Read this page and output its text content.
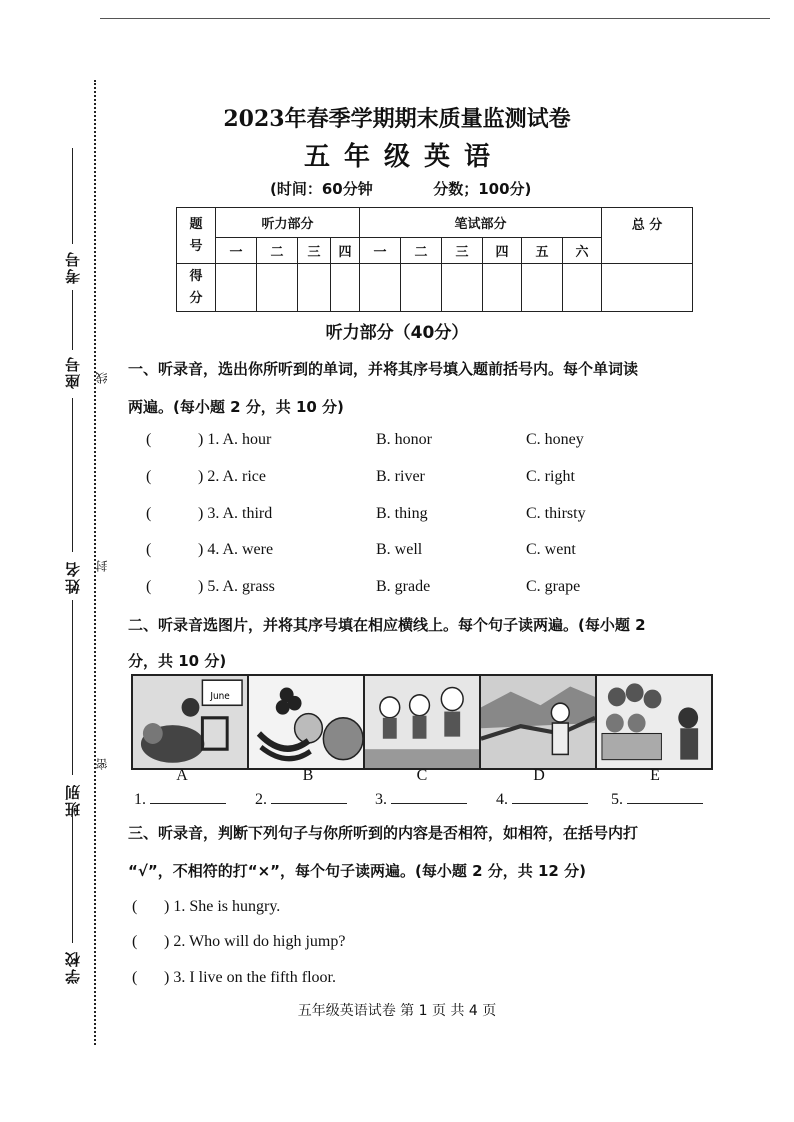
考号
座号
姓名
班别
学校
线
封
密
2023年春季学期期末质量监测试卷
五年级英语
(时间：60分钟	分数；100分)
题
号	听力部分				笔试部分						总 分
	一	二	三	四	一	二	三	四	五	六	
得
分											
听力部分（40分）
一、听录音，选出你所听到的单词，并将其序号填入题前括号内。每个单词读
两遍。(每小题 2 分，共 10 分)
(	) 1. A. hour	B. honor	C. honey
(	) 2. A. rice	B. river	C. right
(	) 3. A. third	B. thing	C. thirsty
(	) 4. A. were	B. well	C. went
(	) 5. A. grass	B. grade	C. grape
二、听录音选图片，并将其序号填在相应横线上。每个句子读两遍。(每小题 2
分，共 10 分)
June
A	B	C	D	E
1.	2.	3.	4.	5.
三、听录音，判断下列句子与你所听到的内容是否相符，如相符，在括号内打
“√”，不相符的打“×”，每个句子读两遍。(每小题 2 分，共 12 分)
( ) 1. She is hungry.
( ) 2. Who will do high jump?
( ) 3. I live on the fifth floor.
五年级英语试卷 第 1 页 共 4 页
